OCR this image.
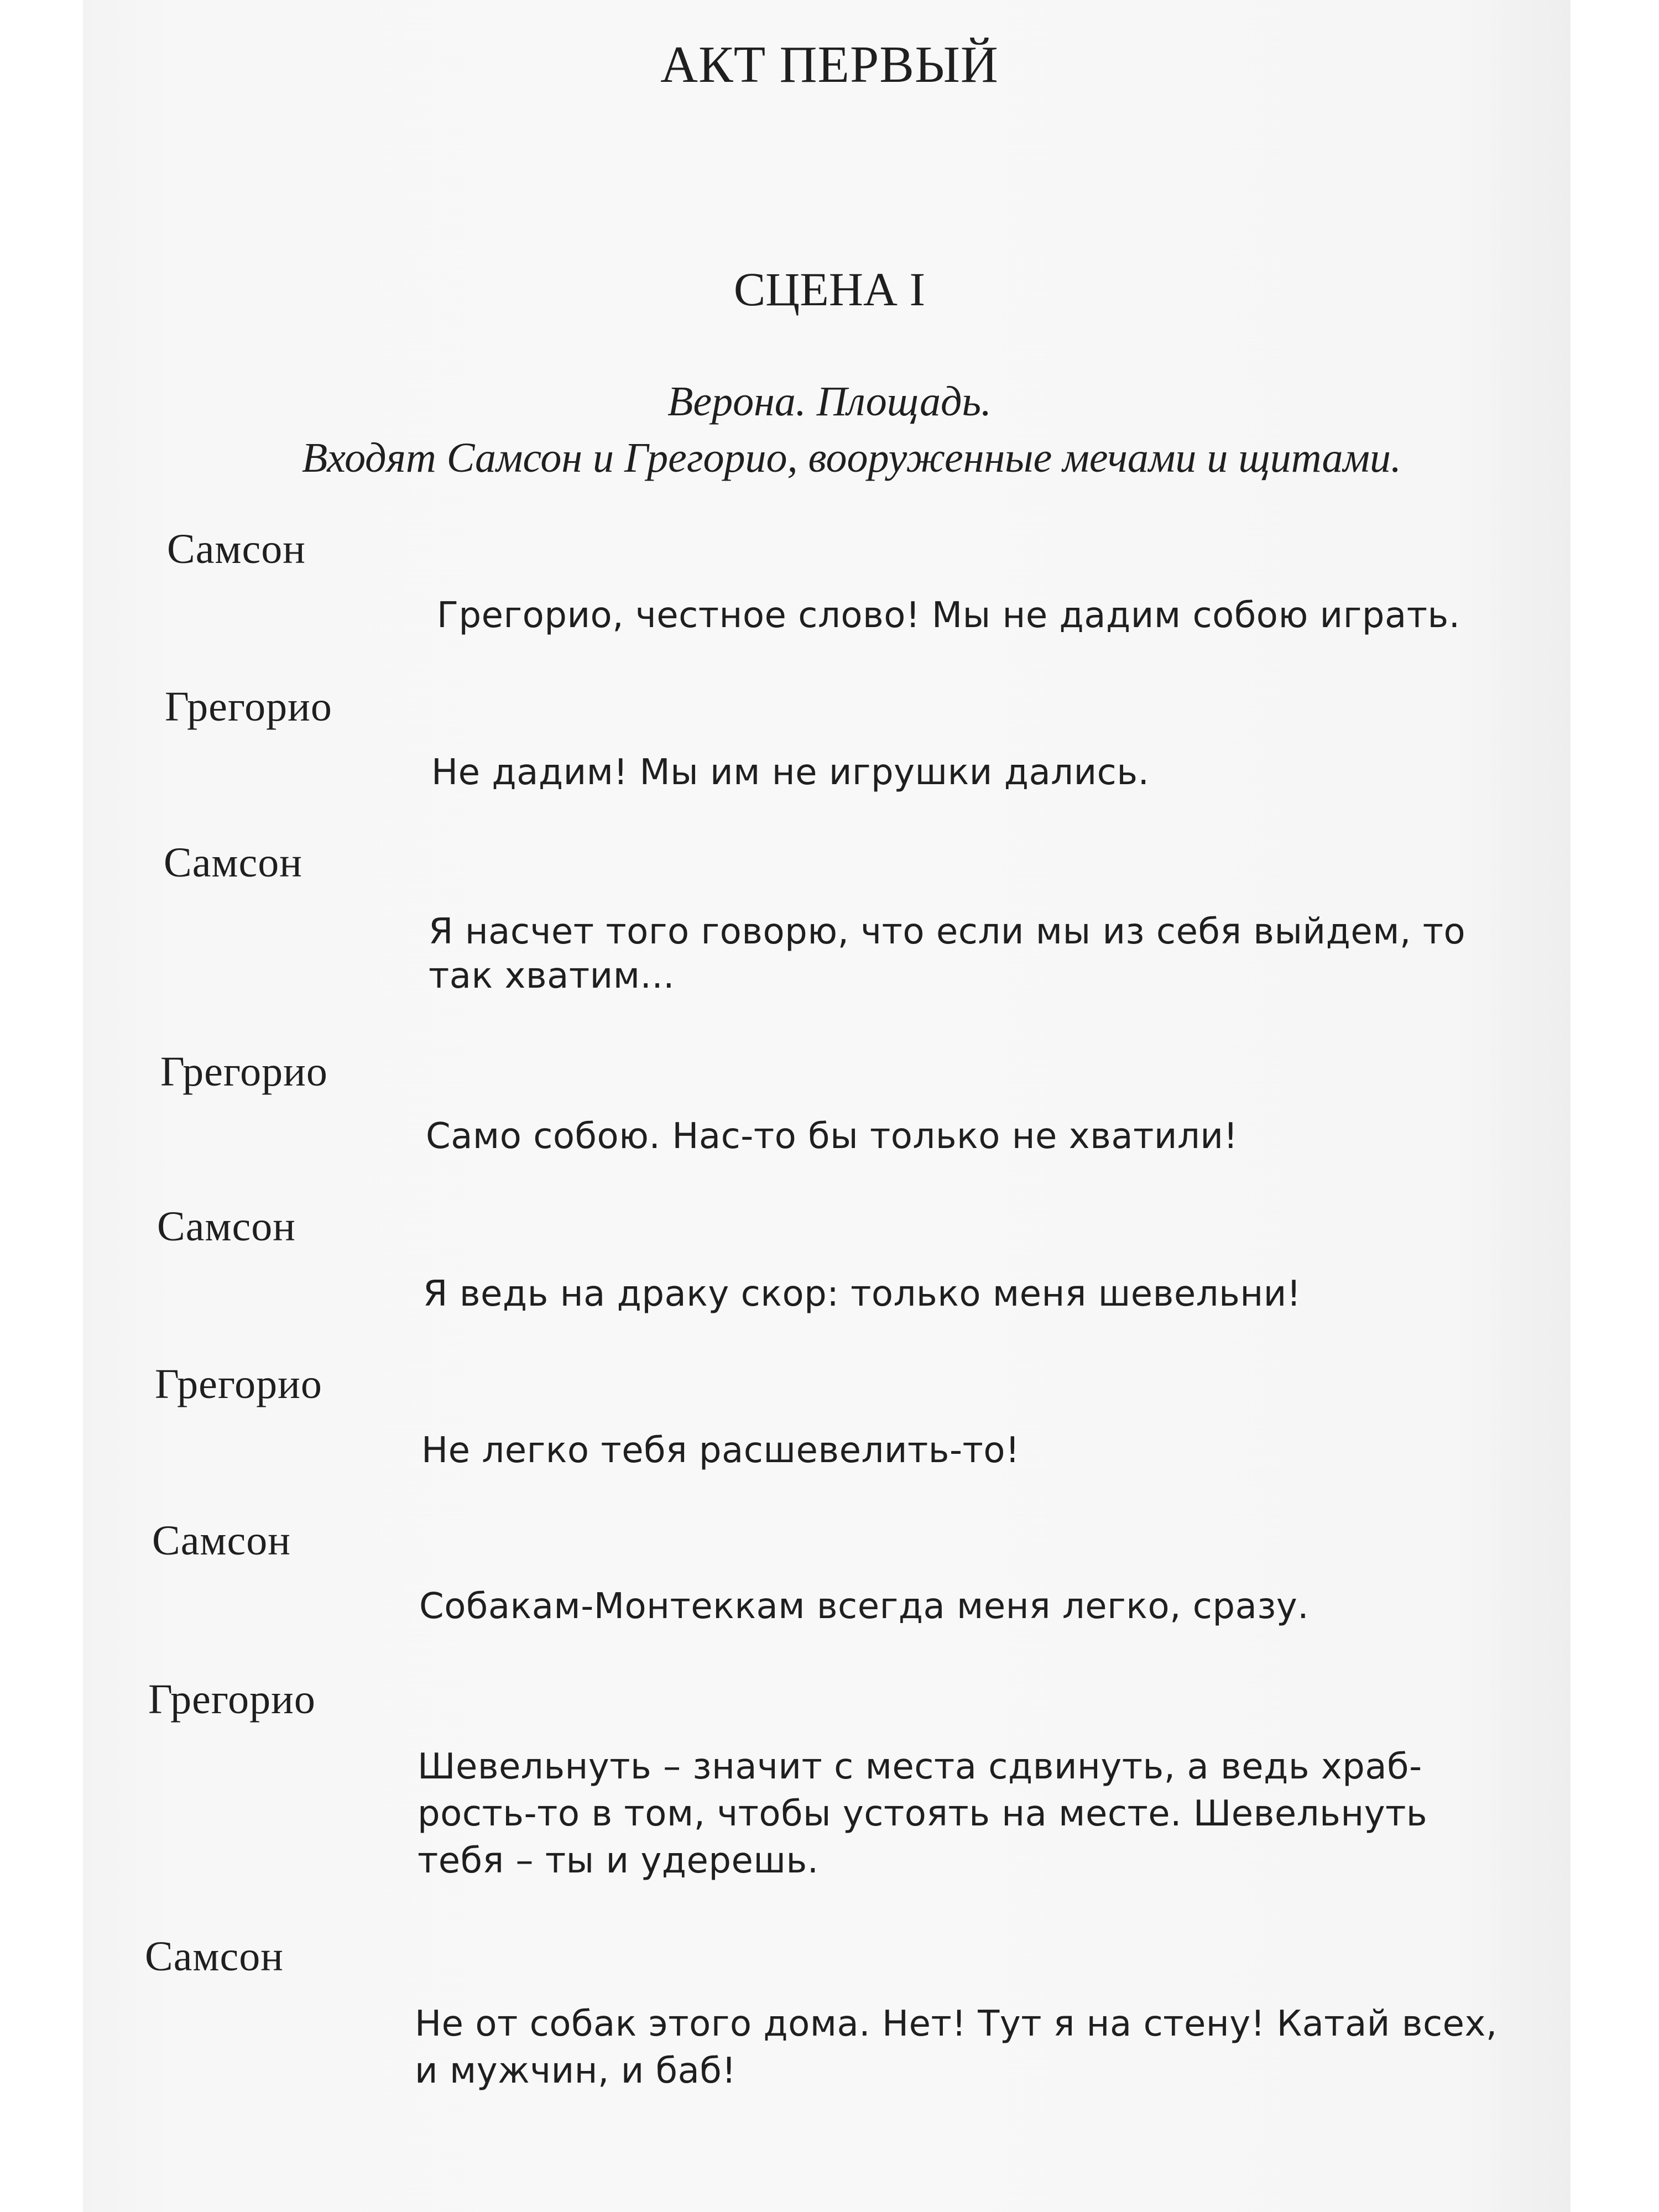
АКТ ПЕРВЫЙ
СЦЕНА I
Верона. Площадь.
Входят Самсон и Грегорио, вооруженные мечами и щитами.
Самсон
Грегорио, честное слово! Мы не дадим собою играть.
Грегорио
Не дадим! Мы им не игрушки дались.
Самсон
Я насчет того говорю, что если мы из себя выйдем, то
так хватим...
Грегорио
Само собою. Нас-то бы только не хватили!
Самсон
Я ведь на драку скор: только меня шевельни!
Грегорио
Не легко тебя расшевелить-то!
Самсон
Собакам-Монтеккам всегда меня легко, сразу.
Грегорио
Шевельнуть – значит с места сдвинуть, а ведь храб-
рость-то в том, чтобы устоять на месте. Шевельнуть
тебя – ты и удерешь.
Самсон
Не от собак этого дома. Нет! Тут я на стену! Катай всех,
и мужчин, и баб!
